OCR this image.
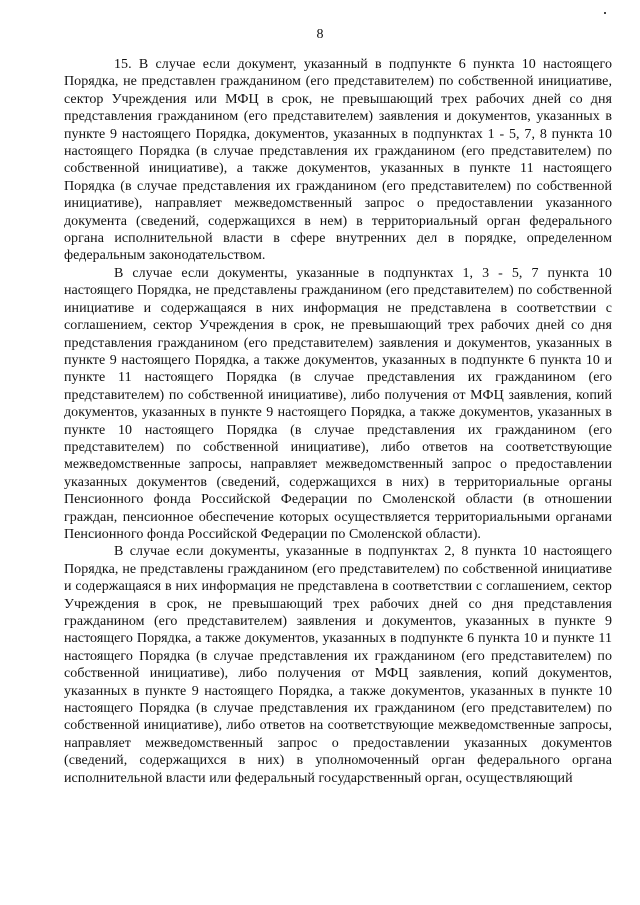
8

15. В случае если документ, указанный в подпункте 6 пункта 10 настоящего Порядка, не представлен гражданином (его представителем) по собственной инициативе, сектор Учреждения или МФЦ в срок, не превышающий трех рабочих дней со дня представления гражданином (его представителем) заявления и документов, указанных в пункте 9 настоящего Порядка, документов, указанных в подпунктах 1 - 5, 7, 8 пункта 10 настоящего Порядка (в случае представления их гражданином (его представителем) по собственной инициативе), а также документов, указанных в пункте 11 настоящего Порядка (в случае представления их гражданином (его представителем) по собственной инициативе), направляет межведомственный запрос о предоставлении указанного документа (сведений, содержащихся в нем) в территориальный орган федерального органа исполнительной власти в сфере внутренних дел в порядке, определенном федеральным законодательством.

В случае если документы, указанные в подпунктах 1, 3 - 5, 7 пункта 10 настоящего Порядка, не представлены гражданином (его представителем) по собственной инициативе и содержащаяся в них информация не представлена в соответствии с соглашением, сектор Учреждения в срок, не превышающий трех рабочих дней со дня представления гражданином (его представителем) заявления и документов, указанных в пункте 9 настоящего Порядка, а также документов, указанных в подпункте 6 пункта 10 и пункте 11 настоящего Порядка (в случае представления их гражданином (его представителем) по собственной инициативе), либо получения от МФЦ заявления, копий документов, указанных в пункте 9 настоящего Порядка, а также документов, указанных в пункте 10 настоящего Порядка (в случае представления их гражданином (его представителем) по собственной инициативе), либо ответов на соответствующие межведомственные запросы, направляет межведомственный запрос о предоставлении указанных документов (сведений, содержащихся в них) в территориальные органы Пенсионного фонда Российской Федерации по Смоленской области (в отношении граждан, пенсионное обеспечение которых осуществляется территориальными органами Пенсионного фонда Российской Федерации по Смоленской области).

В случае если документы, указанные в подпунктах 2, 8 пункта 10 настоящего Порядка, не представлены гражданином (его представителем) по собственной инициативе и содержащаяся в них информация не представлена в соответствии с соглашением, сектор Учреждения в срок, не превышающий трех рабочих дней со дня представления гражданином (его представителем) заявления и документов, указанных в пункте 9 настоящего Порядка, а также документов, указанных в подпункте 6 пункта 10 и пункте 11 настоящего Порядка (в случае представления их гражданином (его представителем) по собственной инициативе), либо получения от МФЦ заявления, копий документов, указанных в пункте 9 настоящего Порядка, а также документов, указанных в пункте 10 настоящего Порядка (в случае представления их гражданином (его представителем) по собственной инициативе), либо ответов на соответствующие межведомственные запросы, направляет межведомственный запрос о предоставлении указанных документов (сведений, содержащихся в них) в уполномоченный орган федерального органа исполнительной власти или федеральный государственный орган, осуществляющий
